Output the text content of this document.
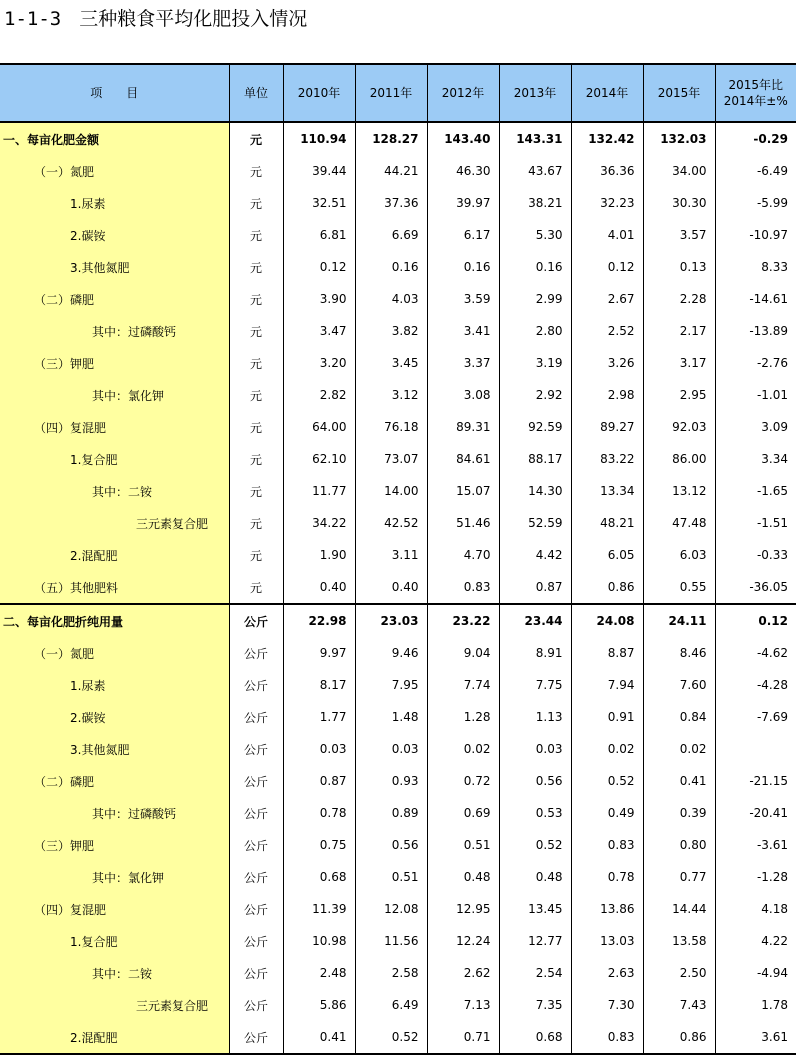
1-1-3 三种粮食平均化肥投入情况
项　　目	单位	2010年	2011年	2012年	2013年	2014年	2015年	2015年比
2014年±%

一、每亩化肥金额	元	110.94	128.27	143.40	143.31	132.42	132.03	-0.29
（一）氮肥	元	39.44	44.21	46.30	43.67	36.36	34.00	-6.49
1.尿素	元	32.51	37.36	39.97	38.21	32.23	30.30	-5.99
2.碳铵	元	6.81	6.69	6.17	5.30	4.01	3.57	-10.97
3.其他氮肥	元	0.12	0.16	0.16	0.16	0.12	0.13	8.33
（二）磷肥	元	3.90	4.03	3.59	2.99	2.67	2.28	-14.61
其中：过磷酸钙	元	3.47	3.82	3.41	2.80	2.52	2.17	-13.89
（三）钾肥	元	3.20	3.45	3.37	3.19	3.26	3.17	-2.76
其中：氯化钾	元	2.82	3.12	3.08	2.92	2.98	2.95	-1.01
（四）复混肥	元	64.00	76.18	89.31	92.59	89.27	92.03	3.09
1.复合肥	元	62.10	73.07	84.61	88.17	83.22	86.00	3.34
其中：二铵	元	11.77	14.00	15.07	14.30	13.34	13.12	-1.65
三元素复合肥	元	34.22	42.52	51.46	52.59	48.21	47.48	-1.51
2.混配肥	元	1.90	3.11	4.70	4.42	6.05	6.03	-0.33
（五）其他肥料	元	0.40	0.40	0.83	0.87	0.86	0.55	-36.05
二、每亩化肥折纯用量	公斤	22.98	23.03	23.22	23.44	24.08	24.11	0.12
（一）氮肥	公斤	9.97	9.46	9.04	8.91	8.87	8.46	-4.62
1.尿素	公斤	8.17	7.95	7.74	7.75	7.94	7.60	-4.28
2.碳铵	公斤	1.77	1.48	1.28	1.13	0.91	0.84	-7.69
3.其他氮肥	公斤	0.03	0.03	0.02	0.03	0.02	0.02	
（二）磷肥	公斤	0.87	0.93	0.72	0.56	0.52	0.41	-21.15
其中：过磷酸钙	公斤	0.78	0.89	0.69	0.53	0.49	0.39	-20.41
（三）钾肥	公斤	0.75	0.56	0.51	0.52	0.83	0.80	-3.61
其中：氯化钾	公斤	0.68	0.51	0.48	0.48	0.78	0.77	-1.28
（四）复混肥	公斤	11.39	12.08	12.95	13.45	13.86	14.44	4.18
1.复合肥	公斤	10.98	11.56	12.24	12.77	13.03	13.58	4.22
其中：二铵	公斤	2.48	2.58	2.62	2.54	2.63	2.50	-4.94
三元素复合肥	公斤	5.86	6.49	7.13	7.35	7.30	7.43	1.78
2.混配肥	公斤	0.41	0.52	0.71	0.68	0.83	0.86	3.61
